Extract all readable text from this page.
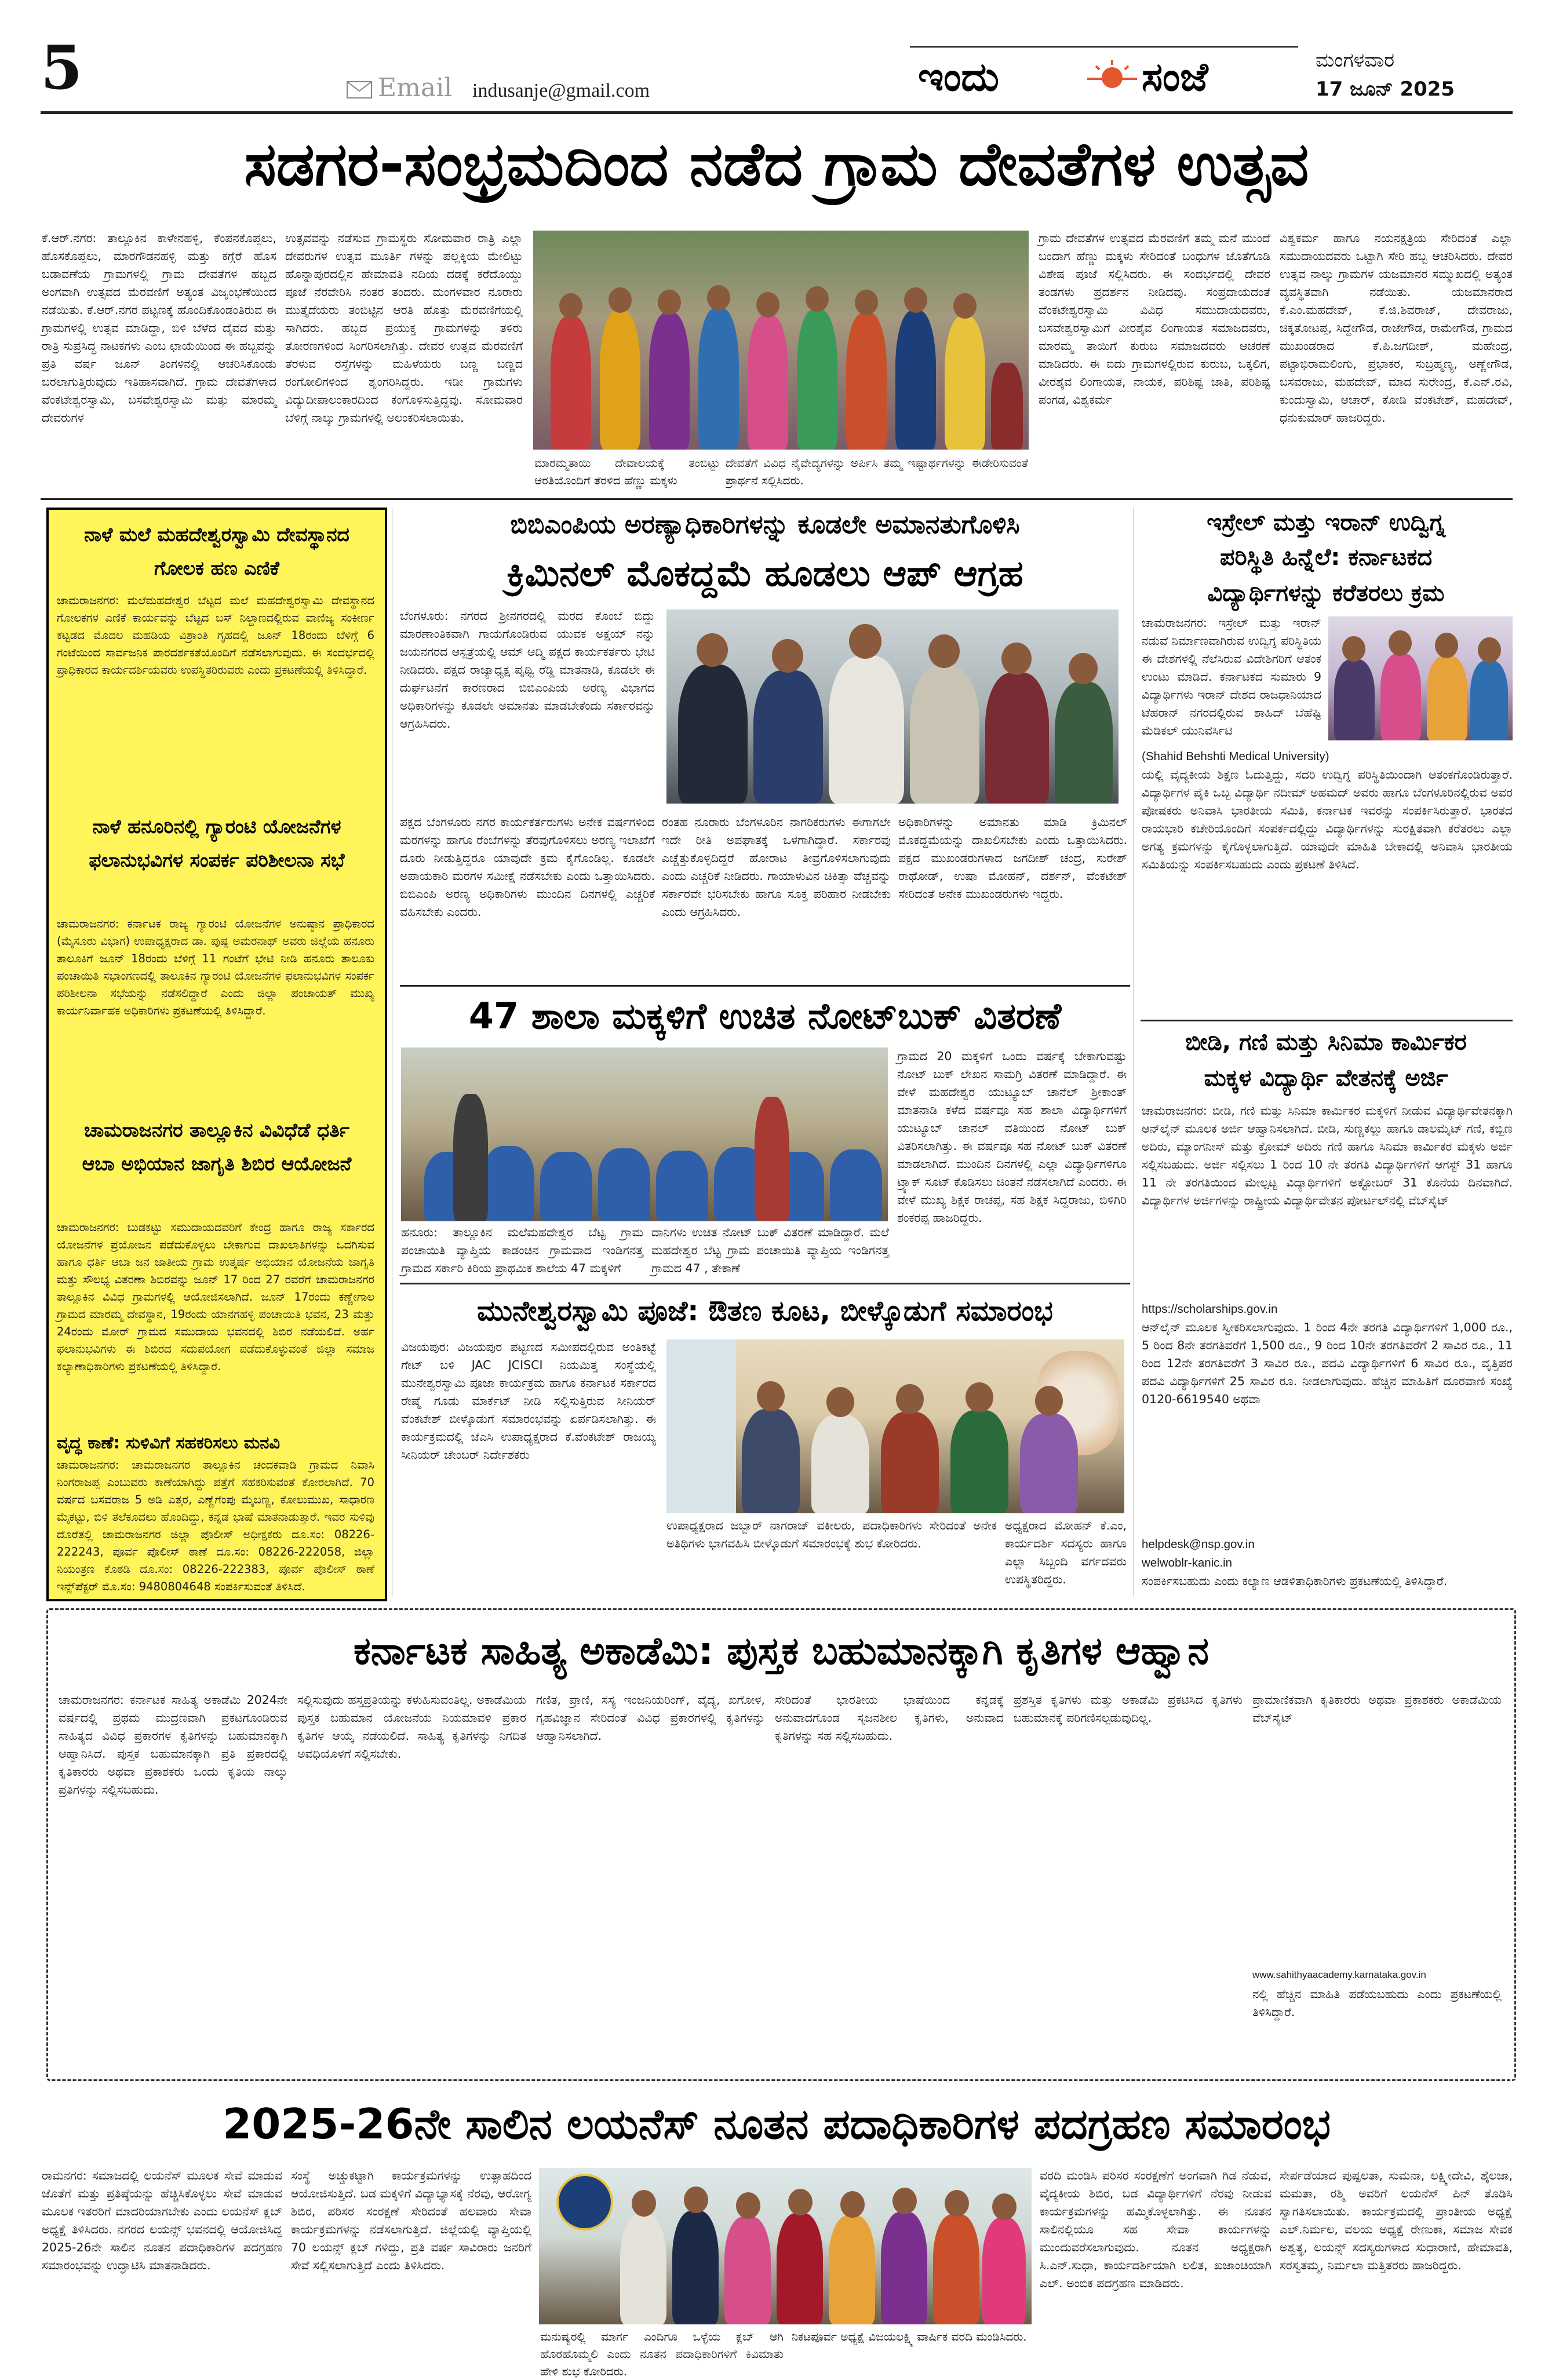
5	Email indusanje@gmail.com	ಇಂದು	ಸಂಜೆ	ಮಂಗಳವಾರ
17 ಜೂನ್ 2025
ಸಡಗರ-ಸಂಭ್ರಮದಿಂದ ನಡೆದ ಗ್ರಾಮ ದೇವತೆಗಳ ಉತ್ಸವ

ಕೆ.ಆರ್.ನಗರ: ತಾಲ್ಲೂಕಿನ ಕಾಳೇನಹಳ್ಳಿ, ಕೆಂಪನಕೊಪ್ಪಲು, ಹೊಸಕೊಪ್ಪಲು, ಮಾರಗೌಡನಹಳ್ಳಿ ಮತ್ತು ಕಗ್ಗೆರೆ ಹೊಸ ಬಡಾವಣೆಯ ಗ್ರಾಮಗಳಲ್ಲಿ ಗ್ರಾಮ ದೇವತೆಗಳ ಹಬ್ಬದ ಅಂಗವಾಗಿ ಉತ್ಸವದ ಮೆರವಣಿಗೆ ಅತ್ಯಂತ ವಿಜೃಂಭಣೆಯಿಂದ ನಡೆಯಿತು. ಕೆ.ಆರ್.ನಗರ ಪಟ್ಟಣಕ್ಕೆ ಹೊಂದಿಕೊಂಡಂತಿರುವ ಈ ಗ್ರಾಮಗಳಲ್ಲಿ ಉತ್ಸವ ಮಾಡಿದ್ದಾ, ಬಿಳಿ ಬೆಳೆದ ದೈವದ ಮತ್ತು ರಾತ್ರಿ ಸುಪ್ರಸಿದ್ಧ ನಾಟಕಗಳು ಎಂಬ ಛಾಯೆಯಿಂದ ಈ ಹಬ್ಬವನ್ನು ಪ್ರತಿ ವರ್ಷ ಜೂನ್ ತಿಂಗಳಿನಲ್ಲಿ ಆಚರಿಸಿಕೊಂಡು ಬರಲಾಗುತ್ತಿರುವುದು ಇತಿಹಾಸವಾಗಿದೆ. ಗ್ರಾಮ ದೇವತೆಗಳಾದ ವೆಂಕಟೇಶ್ವರಸ್ವಾಮಿ, ಬಸವೇಶ್ವರಸ್ವಾಮಿ ಮತ್ತು ಮಾರಮ್ಮ ದೇವರುಗಳ

ಉತ್ಸವವನ್ನು ನಡೆಸುವ ಗ್ರಾಮಸ್ಥರು ಸೋಮವಾರ ರಾತ್ರಿ ಎಲ್ಲಾ ದೇವರುಗಳ ಉತ್ಸವ ಮೂರ್ತಿ ಗಳನ್ನು ಪಲ್ಲಕ್ಕಿಯ ಮೇಲಿಟ್ಟು ಹೊನ್ನಾಪುರದಲ್ಲಿನ ಹೇಮಾವತಿ ನದಿಯ ದಡಕ್ಕೆ ಕರೆದೊಯ್ದು ಪೂಜೆ ನೆರವೇರಿಸಿ ನಂತರ ತಂದರು. ಮಂಗಳವಾರ ನೂರಾರು ಮುತ್ತೈದೆಯರು ತಂಬಿಟ್ಟಿನ ಆರತಿ ಹೊತ್ತು ಮೆರವಣಿಗೆಯಲ್ಲಿ ಸಾಗಿದರು. ಹಬ್ಬದ ಪ್ರಯುಕ್ತ ಗ್ರಾಮಗಳನ್ನು ತಳಿರು ತೋರಣಗಳಿಂದ ಸಿಂಗರಿಸಲಾಗಿತ್ತು. ದೇವರ ಉತ್ಸವ ಮೆರವಣಿಗೆ ತೆರಳುವ ರಸ್ತೆಗಳನ್ನು ಮಹಿಳೆಯರು ಬಣ್ಣ ಬಣ್ಣದ ರಂಗೋಲಿಗಳಿಂದ ಶೃಂಗರಿಸಿದ್ದರು. ಇಡೀ ಗ್ರಾಮಗಳು ವಿದ್ಯುದೀಪಾಲಂಕಾರದಿಂದ ಕಂಗೊಳಿಸುತ್ತಿದ್ದವು. ಸೋಮವಾರ ಬೆಳಿಗ್ಗೆ ನಾಲ್ಕು ಗ್ರಾಮಗಳಲ್ಲಿ ಅಲಂಕರಿಸಲಾಯಿತು.

ಮಾರಮ್ಮತಾಯಿ ದೇವಾಲಯಕ್ಕೆ ತಂಬಿಟ್ಟು ಆರತಿಯೊಂದಿಗೆ ತೆರಳಿದ ಹೆಣ್ಣು ಮಕ್ಕಳು

ದೇವತೆಗೆ ವಿವಿಧ ನೈವೇದ್ಯಗಳನ್ನು ಅರ್ಪಿಸಿ ತಮ್ಮ ಇಷ್ಟಾರ್ಥಗಳನ್ನು ಈಡೇರಿಸುವಂತೆ ಪ್ರಾರ್ಥನೆ ಸಲ್ಲಿಸಿದರು.

ಗ್ರಾಮ ದೇವತೆಗಳ ಉತ್ಸವದ ಮೆರವಣಿಗೆ ತಮ್ಮ ಮನೆ ಮುಂದೆ ಬಂದಾಗ ಹೆಣ್ಣು ಮಕ್ಕಳು ಸೇರಿದಂತೆ ಬಂಧುಗಳ ಜೊತೆಗೂಡಿ ವಿಶೇಷ ಪೂಜೆ ಸಲ್ಲಿಸಿದರು. ಈ ಸಂದರ್ಭದಲ್ಲಿ ದೇವರ ತಂಡಗಳು ಪ್ರದರ್ಶನ ನೀಡಿದವು. ಸಂಪ್ರದಾಯದಂತೆ ವೆಂಕಟೇಶ್ವರಸ್ವಾಮಿ ವಿವಿಧ ಸಮುದಾಯದವರು, ಬಸವೇಶ್ವರಸ್ವಾಮಿಗೆ ವೀರಶೈವ ಲಿಂಗಾಯತ ಸಮಾಜದವರು, ಮಾರಮ್ಮ ತಾಯಿಗೆ ಕುರುಬ ಸಮಾಜದವರು ಆಚರಣೆ ಮಾಡಿದರು. ಈ ಐದು ಗ್ರಾಮಗಳಲ್ಲಿರುವ ಕುರುಬ, ಒಕ್ಕಲಿಗ, ವೀರಶೈವ ಲಿಂಗಾಯತ, ನಾಯಕ, ಪರಿಶಿಷ್ಟ ಜಾತಿ, ಪರಿಶಿಷ್ಟ ಪಂಗಡ, ವಿಶ್ವಕರ್ಮ

ವಿಶ್ವಕರ್ಮ ಹಾಗೂ ನಯನಕ್ಷತ್ರಿಯ ಸೇರಿದಂತೆ ಎಲ್ಲಾ ಸಮುದಾಯದವರು ಒಟ್ಟಾಗಿ ಸೇರಿ ಹಬ್ಬ ಆಚರಿಸಿದರು. ದೇವರ ಉತ್ಸವ ನಾಲ್ಕು ಗ್ರಾಮಗಳ ಯಜಮಾನರ ಸಮ್ಮುಖದಲ್ಲಿ ಅತ್ಯಂತ ವ್ಯವಸ್ಥಿತವಾಗಿ ನಡೆಯಿತು. ಯಜಮಾನರಾದ ಕೆ.ಎಂ.ಮಹದೇವ್, ಕೆ.ಜಿ.ಶಿವರಾಜ್, ದೇವರಾಜು, ಚಿಕ್ಕತೋಟಪ್ಪ, ಸಿದ್ದೇಗೌಡ, ರಾಜೇಗೌಡ, ರಾಮೇಗೌಡ, ಗ್ರಾಮದ ಮುಖಂಡರಾದ ಕೆ.ಪಿ.ಜಗದೀಶ್, ಮಹೇಂದ್ರ, ಪಟ್ಟಾಭಿರಾಮಲಿಂಗು, ಪ್ರಭಾಕರ, ಸುಬ್ರಹ್ಮಣ್ಯ, ಅಣ್ಣೇಗೌಡ, ಬಸವರಾಜು, ಮಹದೇವ್, ಮಾದ ಸುರೇಂದ್ರ, ಕೆ.ಎನ್.ರವಿ, ಕುಂದುಸ್ವಾಮಿ, ಆಚಾರ್, ಕೋಡಿ ವೆಂಕಟೇಶ್, ಮಹದೇವ್, ಧನುಕುಮಾರ್ ಹಾಜರಿದ್ದರು.

ನಾಳೆ ಮಲೆ ಮಹದೇಶ್ವರಸ್ವಾಮಿ ದೇವಸ್ಥಾನದ ಗೋಲಕ ಹಣ ಎಣಿಕೆ

ಚಾಮರಾಜನಗರ: ಮಲೆಮಹದೇಶ್ವರ ಬೆಟ್ಟದ ಮಲೆ ಮಹದೇಶ್ವರಸ್ವಾಮಿ ದೇವಸ್ಥಾನದ ಗೋಲಕಗಳ ಎಣಿಕೆ ಕಾರ್ಯವನ್ನು ಬೆಟ್ಟದ ಬಸ್ ನಿಲ್ದಾಣದಲ್ಲಿರುವ ವಾಣಿಜ್ಯ ಸಂಕೀರ್ಣ ಕಟ್ಟಡದ ಮೊದಲ ಮಹಡಿಯ ವಿಶ್ರಾಂತಿ ಗೃಹದಲ್ಲಿ ಜೂನ್ 18ರಂದು ಬೆಳಿಗ್ಗೆ 6 ಗಂಟೆಯಿಂದ ಸಾರ್ವಜನಿಕ ಪಾರದರ್ಶಕತೆಯೊಂದಿಗೆ ನಡೆಸಲಾಗುವುದು. ಈ ಸಂದರ್ಭದಲ್ಲಿ ಪ್ರಾಧಿಕಾರದ ಕಾರ್ಯದರ್ಶಿಯವರು ಉಪಸ್ಥಿತರಿರುವರು ಎಂದು ಪ್ರಕಟಣೆಯಲ್ಲಿ ತಿಳಿಸಿದ್ದಾರೆ.

ನಾಳೆ ಹನೂರಿನಲ್ಲಿ ಗ್ಯಾರಂಟಿ ಯೋಜನೆಗಳ ಫಲಾನುಭವಿಗಳ ಸಂಪರ್ಕ ಪರಿಶೀಲನಾ ಸಭೆ

ಚಾಮರಾಜನಗರ: ಕರ್ನಾಟಕ ರಾಜ್ಯ ಗ್ಯಾರಂಟಿ ಯೋಜನೆಗಳ ಅನುಷ್ಠಾನ ಪ್ರಾಧಿಕಾರದ (ಮೈಸೂರು ವಿಭಾಗ) ಉಪಾಧ್ಯಕ್ಷರಾದ ಡಾ. ಪುಷ್ಪ ಅಮರನಾಥ್ ಅವರು ಜಿಲ್ಲೆಯ ಹನೂರು ತಾಲೂಕಿಗೆ ಜೂನ್ 18ರಂದು ಬೆಳಿಗ್ಗೆ 11 ಗಂಟೆಗೆ ಭೇಟಿ ನೀಡಿ ಹನೂರು ತಾಲೂಕು ಪಂಚಾಯಿತಿ ಸಭಾಂಗಣದಲ್ಲಿ ತಾಲೂಕಿನ ಗ್ಯಾರಂಟಿ ಯೋಜನೆಗಳ ಫಲಾನುಭವಿಗಳ ಸಂಪರ್ಕ ಪರಿಶೀಲನಾ ಸಭೆಯನ್ನು ನಡೆಸಲಿದ್ದಾರೆ ಎಂದು ಜಿಲ್ಲಾ ಪಂಚಾಯತ್ ಮುಖ್ಯ ಕಾರ್ಯನಿರ್ವಾಹಕ ಅಧಿಕಾರಿಗಳು ಪ್ರಕಟಣೆಯಲ್ಲಿ ತಿಳಿಸಿದ್ದಾರೆ.

ಚಾಮರಾಜನಗರ ತಾಲ್ಲೂಕಿನ ವಿವಿಧೆಡೆ ಧರ್ತಿ ಆಬಾ ಅಭಿಯಾನ ಜಾಗೃತಿ ಶಿಬಿರ ಆಯೋಜನೆ

ಚಾಮರಾಜನಗರ: ಬುಡಕಟ್ಟು ಸಮುದಾಯದವರಿಗೆ ಕೇಂದ್ರ ಹಾಗೂ ರಾಜ್ಯ ಸರ್ಕಾರದ ಯೋಜನೆಗಳ ಪ್ರಯೋಜನ ಪಡೆದುಕೊಳ್ಳಲು ಬೇಕಾಗುವ ದಾಖಲಾತಿಗಳನ್ನು ಒದಗಿಸುವ ಹಾಗೂ ಧರ್ತಿ ಆಬಾ ಜನ ಜಾತೀಯ ಗ್ರಾಮ ಉತ್ಕರ್ಷ ಅಭಿಯಾನ ಯೋಜನೆಯ ಜಾಗೃತಿ ಮತ್ತು ಸೌಲಭ್ಯ ವಿತರಣಾ ಶಿಬಿರವನ್ನು ಜೂನ್ 17 ರಿಂದ 27 ರವರೆಗೆ ಚಾಮರಾಜನಗರ ತಾಲ್ಲೂಕಿನ ವಿವಿಧ ಗ್ರಾಮಗಳಲ್ಲಿ ಆಯೋಜಿಸಲಾಗಿದೆ. ಜೂನ್ 17ರಂದು ಕಣ್ಣೇಗಾಲ ಗ್ರಾಮದ ಮಾರಮ್ಮ ದೇವಸ್ಥಾನ, 19ರಂದು ಯಾನಗಹಳ್ಳಿ ಪಂಚಾಯಿತಿ ಭವನ, 23 ಮತ್ತು 24ರಂದು ಮೋರ್ ಗ್ರಾಮದ ಸಮುದಾಯ ಭವನದಲ್ಲಿ ಶಿಬಿರ ನಡೆಯಲಿದೆ. ಅರ್ಹ ಫಲಾನುಭವಿಗಳು ಈ ಶಿಬಿರದ ಸದುಪಯೋಗ ಪಡೆದುಕೊಳ್ಳುವಂತೆ ಜಿಲ್ಲಾ ಸಮಾಜ ಕಲ್ಯಾಣಾಧಿಕಾರಿಗಳು ಪ್ರಕಟಣೆಯಲ್ಲಿ ತಿಳಿಸಿದ್ದಾರೆ.

ವೃದ್ಧ ಕಾಣೆ: ಸುಳಿವಿಗೆ ಸಹಕರಿಸಲು ಮನವಿ

ಚಾಮರಾಜನಗರ: ಚಾಮರಾಜನಗರ ತಾಲ್ಲೂಕಿನ ಚಂದಕವಾಡಿ ಗ್ರಾಮದ ನಿವಾಸಿ ನಿಂಗರಾಜಪ್ಪ ಎಂಬುವರು ಕಾಣೆಯಾಗಿದ್ದು ಪತ್ತೆಗೆ ಸಹಕರಿಸುವಂತೆ ಕೋರಲಾಗಿದೆ. 70 ವರ್ಷದ ಬಸವರಾಜ 5 ಅಡಿ ಎತ್ತರ, ಎಣ್ಣೆಗೆಂಪು ಮೈಬಣ್ಣ, ಕೋಲುಮುಖ, ಸಾಧಾರಣ ಮೈಕಟ್ಟು, ಬಿಳಿ ತಲೆಕೂದಲು ಹೊಂದಿದ್ದು, ಕನ್ನಡ ಭಾಷೆ ಮಾತನಾಡುತ್ತಾರೆ. ಇವರ ಸುಳಿವು ದೊರೆತಲ್ಲಿ ಚಾಮರಾಜನಗರ ಜಿಲ್ಲಾ ಪೊಲೀಸ್ ಅಧೀಕ್ಷಕರು ದೂ.ಸಂ: 08226-222243, ಪೂರ್ವ ಪೊಲೀಸ್ ಠಾಣೆ ದೂ.ಸಂ: 08226-222058, ಜಿಲ್ಲಾ ನಿಯಂತ್ರಣ ಕೊಠಡಿ ದೂ.ಸಂ: 08226-222383, ಪೂರ್ವ ಪೊಲೀಸ್ ಠಾಣೆ ಇನ್ಸ್‌ಪೆಕ್ಟರ್ ಮೊ.ಸಂ: 9480804648 ಸಂಪರ್ಕಿಸುವಂತೆ ತಿಳಿಸಿದೆ.

ಬಿಬಿಎಂಪಿಯ ಅರಣ್ಯಾಧಿಕಾರಿಗಳನ್ನು ಕೂಡಲೇ ಅಮಾನತುಗೊಳಿಸಿ
ಕ್ರಿಮಿನಲ್ ಮೊಕದ್ದಮೆ ಹೂಡಲು ಆಪ್ ಆಗ್ರಹ

ಬೆಂಗಳೂರು: ನಗರದ ಶ್ರೀನಗರದಲ್ಲಿ ಮರದ ಕೊಂಬೆ ಬಿದ್ದು ಮಾರಣಾಂತಿಕವಾಗಿ ಗಾಯಗೊಂಡಿರುವ ಯುವಕ ಅಕ್ಷಯ್ ನನ್ನು ಜಯನಗರದ ಆಸ್ಪತ್ರೆಯಲ್ಲಿ ಆಮ್ ಆದ್ಮಿ ಪಕ್ಷದ ಕಾರ್ಯಕರ್ತರು ಭೇಟಿ ನೀಡಿದರು. ಪಕ್ಷದ ರಾಜ್ಯಾಧ್ಯಕ್ಷ ಪೃಥ್ವಿ ರೆಡ್ಡಿ ಮಾತನಾಡಿ, ಕೂಡಲೇ ಈ ದುರ್ಘಟನೆಗೆ ಕಾರಣರಾದ ಬಿಬಿಎಂಪಿಯ ಅರಣ್ಯ ವಿಭಾಗದ ಅಧಿಕಾರಿಗಳನ್ನು ಕೂಡಲೇ ಅಮಾನತು ಮಾಡಬೇಕೆಂದು ಸರ್ಕಾರವನ್ನು ಆಗ್ರಹಿಸಿದರು.

ಪಕ್ಷದ ಬೆಂಗಳೂರು ನಗರ ಕಾರ್ಯಕರ್ತರುಗಳು ಅನೇಕ ವರ್ಷಗಳಿಂದ ಮರಗಳನ್ನು ಹಾಗೂ ರೆಂಬೆಗಳನ್ನು ತೆರವುಗೊಳಿಸಲು ಅರಣ್ಯ ಇಲಾಖೆಗೆ ದೂರು ನೀಡುತ್ತಿದ್ದರೂ ಯಾವುದೇ ಕ್ರಮ ಕೈಗೊಂಡಿಲ್ಲ. ಕೂಡಲೇ ಅಪಾಯಕಾರಿ ಮರಗಳ ಸಮೀಕ್ಷೆ ನಡೆಸಬೇಕು ಎಂದು ಒತ್ತಾಯಿಸಿದರು. ಬಿಬಿಎಂಪಿ ಅರಣ್ಯ ಅಧಿಕಾರಿಗಳು ಮುಂದಿನ ದಿನಗಳಲ್ಲಿ ಎಚ್ಚರಿಕೆ ವಹಿಸಬೇಕು ಎಂದರು.

ರಂತಹ ನೂರಾರು ಬೆಂಗಳೂರಿನ ನಾಗರಿಕರುಗಳು ಈಗಾಗಲೇ ಇದೇ ರೀತಿ ಅಪಘಾತಕ್ಕೆ ಒಳಗಾಗಿದ್ದಾರೆ. ಸರ್ಕಾರವು ಎಚ್ಚೆತ್ತುಕೊಳ್ಳದಿದ್ದರೆ ಹೋರಾಟ ತೀವ್ರಗೊಳಿಸಲಾಗುವುದು ಎಂದು ಎಚ್ಚರಿಕೆ ನೀಡಿದರು. ಗಾಯಾಳುವಿನ ಚಿಕಿತ್ಸಾ ವೆಚ್ಚವನ್ನು ಸರ್ಕಾರವೇ ಭರಿಸಬೇಕು ಹಾಗೂ ಸೂಕ್ತ ಪರಿಹಾರ ನೀಡಬೇಕು ಎಂದು ಆಗ್ರಹಿಸಿದರು.

ಅಧಿಕಾರಿಗಳನ್ನು ಅಮಾನತು ಮಾಡಿ ಕ್ರಿಮಿನಲ್ ಮೊಕದ್ದಮೆಯನ್ನು ದಾಖಲಿಸಬೇಕು ಎಂದು ಒತ್ತಾಯಿಸಿದರು. ಪಕ್ಷದ ಮುಖಂಡರುಗಳಾದ ಜಗದೀಶ್ ಚಂದ್ರ, ಸುರೇಶ್ ರಾಥೋಡ್, ಉಷಾ ಮೋಹನ್, ದರ್ಶನ್, ವೆಂಕಟೇಶ್ ಸೇರಿದಂತೆ ಅನೇಕ ಮುಖಂಡರುಗಳು ಇದ್ದರು.

47 ಶಾಲಾ ಮಕ್ಕಳಿಗೆ ಉಚಿತ ನೋಟ್‌ಬುಕ್ ವಿತರಣೆ

ಗ್ರಾಮದ 20 ಮಕ್ಕಳಿಗೆ ಒಂದು ವರ್ಷಕ್ಕೆ ಬೇಕಾಗುವಷ್ಟು ನೋಟ್ ಬುಕ್ ಲೇಖನ ಸಾಮಗ್ರಿ ವಿತರಣೆ ಮಾಡಿದ್ದಾರೆ. ಈ ವೇಳೆ ಮಹದೇಶ್ವರ ಯುಟ್ಯೂಬ್ ಚಾನೆಲ್ ಶ್ರೀಕಾಂತ್ ಮಾತನಾಡಿ ಕಳೆದ ವರ್ಷವೂ ಸಹ ಶಾಲಾ ವಿದ್ಯಾರ್ಥಿಗಳಿಗೆ ಯುಟ್ಯೂಬ್ ಚಾನಲ್ ವತಿಯಿಂದ ನೋಟ್ ಬುಕ್ ವಿತರಿಸಲಾಗಿತ್ತು. ಈ ವರ್ಷವೂ ಸಹ ನೋಟ್ ಬುಕ್ ವಿತರಣೆ ಮಾಡಲಾಗಿದೆ. ಮುಂದಿನ ದಿನಗಳಲ್ಲಿ ಎಲ್ಲಾ ವಿದ್ಯಾರ್ಥಿಗಳಿಗೂ ಟ್ರ್ಯಾಕ್ ಸೂಟ್ ಕೊಡಿಸಲು ಚಿಂತನೆ ನಡೆಸಲಾಗಿದೆ ಎಂದರು. ಈ ವೇಳೆ ಮುಖ್ಯ ಶಿಕ್ಷಕ ರಾಚಪ್ಪ, ಸಹ ಶಿಕ್ಷಕ ಸಿದ್ದರಾಜು, ಬಿಳಿಗಿರಿ ಶಂಕರಪ್ಪ ಹಾಜರಿದ್ದರು.

ಹನೂರು: ತಾಲ್ಲೂಕಿನ ಮಲೆಮಹದೇಶ್ವರ ಬೆಟ್ಟ ಗ್ರಾಮ ಪಂಚಾಯಿತಿ ವ್ಯಾಪ್ತಿಯ ಕಾಡಂಚಿನ ಗ್ರಾಮವಾದ ಇಂಡಿಗನತ್ತ ಗ್ರಾಮದ ಸರ್ಕಾರಿ ಕಿರಿಯ ಪ್ರಾಥಮಿಕ ಶಾಲೆಯ 47 ಮಕ್ಕಳಿಗೆ

ದಾನಿಗಳು ಉಚಿತ ನೋಟ್ ಬುಕ್ ವಿತರಣೆ ಮಾಡಿದ್ದಾರೆ. ಮಲೆ ಮಹದೇಶ್ವರ ಬೆಟ್ಟ ಗ್ರಾಮ ಪಂಚಾಯಿತಿ ವ್ಯಾಪ್ತಿಯ ಇಂಡಿಗನತ್ತ ಗ್ರಾಮದ 47 , ತೇಕಾಣೆ

ಮುನೇಶ್ವರಸ್ವಾಮಿ ಪೂಜೆ: ಔತಣ ಕೂಟ, ಬೀಳ್ಕೊಡುಗೆ ಸಮಾರಂಭ

ವಿಜಯಪುರ: ವಿಜಯಪುರ ಪಟ್ಟಣದ ಸಮೀಪದಲ್ಲಿರುವ ಅಂತಿಕಟ್ಟೆ ಗೇಟ್ ಬಳಿ JAC JCISCI ನಿಯಮಿತ್ತ ಸಂಸ್ಥೆಯಲ್ಲಿ ಮುನೇಶ್ವರಸ್ವಾಮಿ ಪೂಜಾ ಕಾರ್ಯಕ್ರಮ ಹಾಗೂ ಕರ್ನಾಟಕ ಸರ್ಕಾರದ ರೇಷ್ಮೆ ಗೂಡು ಮಾರ್ಕೆಟ್ ನೀಡಿ ಸಲ್ಲಿಸುತ್ತಿರುವ ಸೀನಿಯರ್ ವೆಂಕಟೇಶ್ ಬೀಳ್ಕೊಡುಗೆ ಸಮಾರಂಭವನ್ನು ಏರ್ಪಡಿಸಲಾಗಿತ್ತು. ಈ ಕಾರ್ಯಕ್ರಮದಲ್ಲಿ ಜೆಎಸಿ ಉಪಾಧ್ಯಕ್ಷರಾದ ಕೆ.ವೆಂಕಟೇಶ್ ರಾಜಯ್ಯ ಸೀನಿಯರ್ ಚೇಂಬರ್ ನಿರ್ದೇಶಕರು

ಉಪಾಧ್ಯಕ್ಷರಾದ ಜಬ್ಬಾರ್ ನಾಗರಾಜ್ ವಕೀಲರು, ಪದಾಧಿಕಾರಿಗಳು ಸೇರಿದಂತೆ ಅನೇಕ ಅತಿಥಿಗಳು ಭಾಗವಹಿಸಿ ಬೀಳ್ಕೊಡುಗೆ ಸಮಾರಂಭಕ್ಕೆ ಶುಭ ಕೋರಿದರು.

ಅಧ್ಯಕ್ಷರಾದ ಮೋಹನ್ ಕೆ.ಎಂ, ಕಾರ್ಯದರ್ಶಿ ಸದಸ್ಯರು ಹಾಗೂ ಎಲ್ಲಾ ಸಿಬ್ಬಂದಿ ವರ್ಗದವರು ಉಪಸ್ಥಿತರಿದ್ದರು.

ಇಸ್ರೇಲ್ ಮತ್ತು ಇರಾನ್ ಉದ್ವಿಗ್ನ
ಪರಿಸ್ಥಿತಿ ಹಿನ್ನೆಲೆ: ಕರ್ನಾಟಕದ
ವಿದ್ಯಾರ್ಥಿಗಳನ್ನು ಕರೆತರಲು ಕ್ರಮ

ಚಾಮರಾಜನಗರ: ಇಸ್ರೇಲ್ ಮತ್ತು ಇರಾನ್ ನಡುವೆ ನಿರ್ಮಾಣವಾಗಿರುವ ಉದ್ವಿಗ್ನ ಪರಿಸ್ಥಿತಿಯ ಈ ದೇಶಗಳಲ್ಲಿ ನೆಲೆಸಿರುವ ವಿದೇಶಿಗರಿಗೆ ಆತಂಕ ಉಂಟು ಮಾಡಿದೆ. ಕರ್ನಾಟಕದ ಸುಮಾರು 9 ವಿದ್ಯಾರ್ಥಿಗಳು ಇರಾನ್ ದೇಶದ ರಾಜಧಾನಿಯಾದ ಟೆಹರಾನ್ ನಗರದಲ್ಲಿರುವ ಶಾಹಿದ್ ಬೆಹೆಷ್ಟಿ ಮೆಡಿಕಲ್ ಯುನಿವರ್ಸಿಟಿ

(Shahid Behshti Medical University)

ಯಲ್ಲಿ ವೈದ್ಯಕೀಯ ಶಿಕ್ಷಣ ಓದುತ್ತಿದ್ದು, ಸದರಿ ಉದ್ವಿಗ್ನ ಪರಿಸ್ಥಿತಿಯಿಂದಾಗಿ ಆತಂಕಗೊಂಡಿರುತ್ತಾರೆ. ವಿದ್ಯಾರ್ಥಿಗಳ ಪೈಕಿ ಒಬ್ಬ ವಿದ್ಯಾರ್ಥಿ ನದೀಮ್ ಅಹಮದ್ ಅವರು ಹಾಗೂ ಬೆಂಗಳೂರಿನಲ್ಲಿರುವ ಅವರ ಪೋಷಕರು ಅನಿವಾಸಿ ಭಾರತೀಯ ಸಮಿತಿ, ಕರ್ನಾಟಕ ಇವರನ್ನು ಸಂಪರ್ಕಿಸಿರುತ್ತಾರೆ. ಭಾರತದ ರಾಯಭಾರಿ ಕಚೇರಿಯೊಂದಿಗೆ ಸಂಪರ್ಕದಲ್ಲಿದ್ದು ವಿದ್ಯಾರ್ಥಿಗಳನ್ನು ಸುರಕ್ಷಿತವಾಗಿ ಕರೆತರಲು ಎಲ್ಲಾ ಅಗತ್ಯ ಕ್ರಮಗಳನ್ನು ಕೈಗೊಳ್ಳಲಾಗುತ್ತಿದೆ. ಯಾವುದೇ ಮಾಹಿತಿ ಬೇಕಾದಲ್ಲಿ ಅನಿವಾಸಿ ಭಾರತೀಯ ಸಮಿತಿಯನ್ನು ಸಂಪರ್ಕಿಸಬಹುದು ಎಂದು ಪ್ರಕಟಣೆ ತಿಳಿಸಿದೆ.

ಬೀಡಿ, ಗಣಿ ಮತ್ತು ಸಿನಿಮಾ ಕಾರ್ಮಿಕರ
ಮಕ್ಕಳ ವಿದ್ಯಾರ್ಥಿ ವೇತನಕ್ಕೆ ಅರ್ಜಿ

ಚಾಮರಾಜನಗರ: ಬೀಡಿ, ಗಣಿ ಮತ್ತು ಸಿನಿಮಾ ಕಾರ್ಮಿಕರ ಮಕ್ಕಳಿಗೆ ನೀಡುವ ವಿದ್ಯಾರ್ಥಿವೇತನಕ್ಕಾಗಿ ಆನ್‌ಲೈನ್ ಮೂಲಕ ಅರ್ಜಿ ಆಹ್ವಾನಿಸಲಾಗಿದೆ. ಬೀಡಿ, ಸುಣ್ಣಕಲ್ಲು ಹಾಗೂ ಡಾಲಮೈಟ್ ಗಣಿ, ಕಬ್ಬಿಣ ಅದಿರು, ಮ್ಯಾಂಗನೀಸ್ ಮತ್ತು ಕ್ರೋಮ್ ಅದಿರು ಗಣಿ ಹಾಗೂ ಸಿನಿಮಾ ಕಾರ್ಮಿಕರ ಮಕ್ಕಳು ಅರ್ಜಿ ಸಲ್ಲಿಸಬಹುದು. ಅರ್ಜಿ ಸಲ್ಲಿಸಲು 1 ರಿಂದ 10 ನೇ ತರಗತಿ ವಿದ್ಯಾರ್ಥಿಗಳಿಗೆ ಆಗಸ್ಟ್ 31 ಹಾಗೂ 11 ನೇ ತರಗತಿಯಿಂದ ಮೇಲ್ಪಟ್ಟ ವಿದ್ಯಾರ್ಥಿಗಳಿಗೆ ಅಕ್ಟೋಬರ್ 31 ಕೊನೆಯ ದಿನವಾಗಿದೆ. ವಿದ್ಯಾರ್ಥಿಗಳ ಅರ್ಜಿಗಳನ್ನು ರಾಷ್ಟ್ರೀಯ ವಿದ್ಯಾರ್ಥಿವೇತನ ಪೋರ್ಟಲ್‌ನಲ್ಲಿ ವೆಬ್‌ಸೈಟ್

https://scholarships.gov.in

ಆನ್‌ಲೈನ್ ಮೂಲಕ ಸ್ವೀಕರಿಸಲಾಗುವುದು. 1 ರಿಂದ 4ನೇ ತರಗತಿ ವಿದ್ಯಾರ್ಥಿಗಳಿಗೆ 1,000 ರೂ., 5 ರಿಂದ 8ನೇ ತರಗತಿವರೆಗೆ 1,500 ರೂ., 9 ರಿಂದ 10ನೇ ತರಗತಿವರೆಗೆ 2 ಸಾವಿರ ರೂ., 11 ರಿಂದ 12ನೇ ತರಗತಿವರೆಗೆ 3 ಸಾವಿರ ರೂ., ಪದವಿ ವಿದ್ಯಾರ್ಥಿಗಳಿಗೆ 6 ಸಾವಿರ ರೂ., ವೃತ್ತಿಪರ ಪದವಿ ವಿದ್ಯಾರ್ಥಿಗಳಿಗೆ 25 ಸಾವಿರ ರೂ. ನೀಡಲಾಗುವುದು. ಹೆಚ್ಚಿನ ಮಾಹಿತಿಗೆ ದೂರವಾಣಿ ಸಂಖ್ಯೆ 0120-6619540 ಅಥವಾ

helpdesk@nsp.gov.in

welwoblr-kanic.in

ಸಂಪರ್ಕಿಸಬಹುದು ಎಂದು ಕಲ್ಯಾಣ ಆಡಳಿತಾಧಿಕಾರಿಗಳು ಪ್ರಕಟಣೆಯಲ್ಲಿ ತಿಳಿಸಿದ್ದಾರೆ.

ಕರ್ನಾಟಕ ಸಾಹಿತ್ಯ ಅಕಾಡೆಮಿ: ಪುಸ್ತಕ ಬಹುಮಾನಕ್ಕಾಗಿ ಕೃತಿಗಳ ಆಹ್ವಾನ

ಚಾಮರಾಜನಗರ: ಕರ್ನಾಟಕ ಸಾಹಿತ್ಯ ಅಕಾಡೆಮಿ 2024ನೇ ವರ್ಷದಲ್ಲಿ ಪ್ರಥಮ ಮುದ್ರಣವಾಗಿ ಪ್ರಕಟಗೊಂಡಿರುವ ಸಾಹಿತ್ಯದ ವಿವಿಧ ಪ್ರಕಾರಗಳ ಕೃತಿಗಳನ್ನು ಬಹುಮಾನಕ್ಕಾಗಿ ಆಹ್ವಾನಿಸಿದೆ. ಪುಸ್ತಕ ಬಹುಮಾನಕ್ಕಾಗಿ ಪ್ರತಿ ಪ್ರಕಾರದಲ್ಲಿ ಕೃತಿಕಾರರು ಅಥವಾ ಪ್ರಕಾಶಕರು ಒಂದು ಕೃತಿಯ ನಾಲ್ಕು ಪ್ರತಿಗಳನ್ನು ಸಲ್ಲಿಸಬಹುದು.

ಸಲ್ಲಿಸುವುದು ಹಸ್ತಪ್ರತಿಯನ್ನು ಕಳುಹಿಸುವಂತಿಲ್ಲ. ಅಕಾಡೆಮಿಯ ಪುಸ್ತಕ ಬಹುಮಾನ ಯೋಜನೆಯ ನಿಯಮಾವಳಿ ಪ್ರಕಾರ ಕೃತಿಗಳ ಆಯ್ಕೆ ನಡೆಯಲಿದೆ. ಸಾಹಿತ್ಯ ಕೃತಿಗಳನ್ನು ನಿಗದಿತ ಅವಧಿಯೊಳಗೆ ಸಲ್ಲಿಸಬೇಕು.

ಗಣಿತ, ಪ್ರಾಣಿ, ಸಸ್ಯ ಇಂಜನಿಯರಿಂಗ್, ವೈದ್ಯ, ಖಗೋಳ, ಗೃಹವಿಜ್ಞಾನ ಸೇರಿದಂತೆ ವಿವಿಧ ಪ್ರಕಾರಗಳಲ್ಲಿ ಕೃತಿಗಳನ್ನು ಆಹ್ವಾನಿಸಲಾಗಿದೆ.

ಸೇರಿದಂತೆ ಭಾರತೀಯ ಭಾಷೆಯಿಂದ ಕನ್ನಡಕ್ಕೆ ಅನುವಾದಗೊಂಡ ಸೃಜನಶೀಲ ಕೃತಿಗಳು, ಅನುವಾದ ಕೃತಿಗಳನ್ನು ಸಹ ಸಲ್ಲಿಸಬಹುದು.

ಪ್ರಶಸ್ತಿತ ಕೃತಿಗಳು ಮತ್ತು ಅಕಾಡೆಮಿ ಪ್ರಕಟಿಸಿದ ಕೃತಿಗಳು ಬಹುಮಾನಕ್ಕೆ ಪರಿಗಣಿಸಲ್ಪಡುವುದಿಲ್ಲ.

ಪ್ರಾಮಾಣಿಕವಾಗಿ ಕೃತಿಕಾರರು ಅಥವಾ ಪ್ರಕಾಶಕರು ಅಕಾಡೆಮಿಯ ವೆಬ್‌ಸೈಟ್

www.sahithyaacademy.karnataka.gov.in

ನಲ್ಲಿ ಹೆಚ್ಚಿನ ಮಾಹಿತಿ ಪಡೆಯಬಹುದು ಎಂದು ಪ್ರಕಟಣೆಯಲ್ಲಿ ತಿಳಿಸಿದ್ದಾರೆ.

2025-26ನೇ ಸಾಲಿನ ಲಯನೆಸ್ ನೂತನ ಪದಾಧಿಕಾರಿಗಳ ಪದಗ್ರಹಣ ಸಮಾರಂಭ

ರಾಮನಗರ: ಸಮಾಜದಲ್ಲಿ ಲಯನೆಸ್ ಮೂಲಕ ಸೇವೆ ಮಾಡುವ ಜೊತೆಗೆ ಮತ್ತು ಪ್ರತಿಷ್ಠೆಯನ್ನು ಹೆಚ್ಚಿಸಿಕೊಳ್ಳಲು ಸೇವೆ ಮಾಡುವ ಮೂಲಕ ಇತರರಿಗೆ ಮಾದರಿಯಾಗಬೇಕು ಎಂದು ಲಯನೆಸ್ ಕ್ಲಬ್ ಅಧ್ಯಕ್ಷೆ ತಿಳಿಸಿದರು. ನಗರದ ಲಯನ್ಸ್ ಭವನದಲ್ಲಿ ಆಯೋಜಿಸಿದ್ದ 2025-26ನೇ ಸಾಲಿನ ನೂತನ ಪದಾಧಿಕಾರಿಗಳ ಪದಗ್ರಹಣ ಸಮಾರಂಭವನ್ನು ಉದ್ಘಾಟಿಸಿ ಮಾತನಾಡಿದರು.

ಸಂಸ್ಥೆ ಅಚ್ಚುಕಟ್ಟಾಗಿ ಕಾರ್ಯಕ್ರಮಗಳನ್ನು ಉತ್ಸಾಹದಿಂದ ಆಯೋಜಿಸುತ್ತಿದೆ. ಬಡ ಮಕ್ಕಳಿಗೆ ವಿದ್ಯಾಭ್ಯಾಸಕ್ಕೆ ನೆರವು, ಆರೋಗ್ಯ ಶಿಬಿರ, ಪರಿಸರ ಸಂರಕ್ಷಣೆ ಸೇರಿದಂತೆ ಹಲವಾರು ಸೇವಾ ಕಾರ್ಯಕ್ರಮಗಳನ್ನು ನಡೆಸಲಾಗುತ್ತಿದೆ. ಜಿಲ್ಲೆಯಲ್ಲಿ ವ್ಯಾಪ್ತಿಯಲ್ಲಿ 70 ಲಯನ್ಸ್ ಕ್ಲಬ್ ಗಳಿದ್ದು, ಪ್ರತಿ ವರ್ಷ ಸಾವಿರಾರು ಜನರಿಗೆ ಸೇವೆ ಸಲ್ಲಿಸಲಾಗುತ್ತಿದೆ ಎಂದು ತಿಳಿಸಿದರು.

ಮನುಷ್ಯರಲ್ಲಿ ಮಾರ್ಗ ಎಂದಿಗೂ ಒಳ್ಳೆಯ ಕ್ಲಬ್ ಆಗಿ ಹೊರಹೊಮ್ಮಲಿ ಎಂದು ನೂತನ ಪದಾಧಿಕಾರಿಗಳಿಗೆ ಕಿವಿಮಾತು ಹೇಳಿ ಶುಭ ಕೋರಿದರು.

ನಿಕಟಪೂರ್ವ ಅಧ್ಯಕ್ಷೆ ವಿಜಯಲಕ್ಷ್ಮಿ ವಾರ್ಷಿಕ ವರದಿ ಮಂಡಿಸಿದರು.

ವರದಿ ಮಂಡಿಸಿ ಪರಿಸರ ಸಂರಕ್ಷಣೆಗೆ ಅಂಗವಾಗಿ ಗಿಡ ನೆಡುವ, ವೈದ್ಯಕೀಯ ಶಿಬಿರ, ಬಡ ವಿದ್ಯಾರ್ಥಿಗಳಿಗೆ ನೆರವು ನೀಡುವ ಕಾರ್ಯಕ್ರಮಗಳನ್ನು ಹಮ್ಮಿಕೊಳ್ಳಲಾಗಿತ್ತು. ಈ ನೂತನ ಸಾಲಿನಲ್ಲಿಯೂ ಸಹ ಸೇವಾ ಕಾರ್ಯಗಳನ್ನು ಮುಂದುವರೆಸಲಾಗುವುದು. ನೂತನ ಅಧ್ಯಕ್ಷರಾಗಿ ಸಿ.ಎನ್.ಸುಧಾ, ಕಾರ್ಯದರ್ಶಿಯಾಗಿ ಲಲಿತ, ಖಜಾಂಚಿಯಾಗಿ ಎಲ್. ಅಂಬಿಕ ಪದಗ್ರಹಣ ಮಾಡಿದರು.

ಸೇರ್ಪಡೆಯಾದ ಪುಷ್ಪಲತಾ, ಸುಮನಾ, ಲಕ್ಷ್ಮೀದೇವಿ, ಶೈಲಜಾ, ಮಮತಾ, ರಶ್ಮಿ ಅವರಿಗೆ ಲಯನೆಸ್ ಪಿನ್ ತೊಡಿಸಿ ಸ್ವಾಗತಿಸಲಾಯಿತು. ಕಾರ್ಯಕ್ರಮದಲ್ಲಿ ಪ್ರಾಂತೀಯ ಅಧ್ಯಕ್ಷೆ ಎಲ್.ನಿರ್ಮಲ, ವಲಯ ಅಧ್ಯಕ್ಷೆ ರೇಣುಕಾ, ಸಮಾಜ ಸೇವಕ ಅಶ್ವತ್ಥ, ಲಯನ್ಸ್ ಸದಸ್ಯರುಗಳಾದ ಸುಧಾರಾಣಿ, ಹೇಮಾವತಿ, ಸರಸ್ವತಮ್ಮ, ನಿರ್ಮಲಾ ಮತ್ತಿತರರು ಹಾಜರಿದ್ದರು.
